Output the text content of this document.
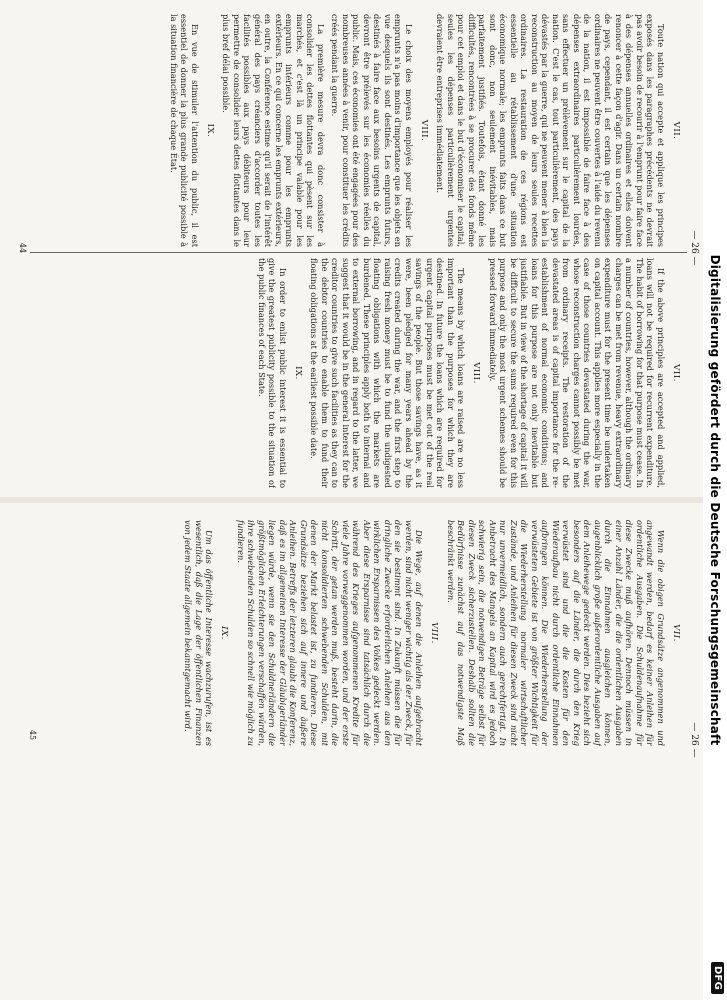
Digitalisierung gefördert durch die Deutsche Forschungsgemeinschaft
DFG
— 26 —
VII.

Toute nation qui accepte et applique les principes exposés dans les paragraphes précédents ne devrait pas avoir besoin de recourir à l'emprunt pour faire face à des dépenses annuelles ordinaires et elles doivent renoncer à cette façon d'agir. Dans un certain nombre de pays, cependant, il est certain que les dépenses ordinaires ne peuvent être couvertes à l'aide du revenu de la nation, il est impossible de faire face à des dépenses extraordinaires particulièrement lourdes, sans effectuer un prélèvement sur le capital de la nation. C'est le cas, tout particulièrement, des pays dévastés par la guerre, qui ne peuvent mener à bien la reconstruction au moyen de leurs seules recettes ordinaires. La restauration de ces régions est essentielle au rétablissement d'une situation économique normale; les emprunts faits dans ce but sont donc, non seulement inévitables, mais parfaitement justifiés. Toutefois, étant donné les difficultés, rencontrées à se procurer des fonds même pour cet emploi et dans le but d'économiser le capital, seules les dépenses particulièrement urgentes devraient être entreprises immédiatement.

VIII.

Le choix des moyens employés pour réaliser les emprunts n'a pas moins d'importance que les objets en vue desquels ils sont destinés. Les emprunts futurs, destinés à faire face aux besoins urgents de capital, devront être prélevés sur les économies réelles du public. Mais, ces économies ont été engagées pour des nombreuses années à venir, pour constituer les crédits créés pendant la guerre.

La première mesure devra donc consister à consolider les dettes flottantes qui pèsent sur les marchés, et c'est là un principe valable pour les emprunts intérieurs comme pour les emprunts extérieurs. En ce qui concerne les emprunts extérieurs, en outre, la Conférence estime qu'il serait de l'intérêt général des pays créanciers d'accorder toutes les facilités possibles aux pays débiteurs pour leur permettre de consolider leurs dettes flottantes dans le plus bref délai possible.

IX.

En vue de stimuler l'attention du public, il est essentiel de donner la plus grande publicité possible à la situation financière de chaque État.

VII.

If the above principles are accepted and applied, loans will not be required for recurrent expenditure. The habit of borrowing for that purpose must cease. In a number of countries, however, although the ordinary charges can be met from revenue, heavy extraordinary expenditure must for the present time be undertaken on capital account. This applies more especially in the case of those countries devastated during the war, whose reconstruction charges cannot possibly be met from ordinary receipts. The restoration of the devastated areas is of capital importance for the re-establishment of normal economic conditions; and loans for this purpose are not only inevitable but justifiable. But in view of the shortage of capital it will be difficult to secure the sums required even for this purpose and only the most urgent schemes should be pressed forward immediately.

VIII.

The means by which loans are raised are no less important than the purposes for which they are destined. In future the loans which are required for urgent capital purposes must be met out of the real savings of the people. But those savings have, as it were, been pledged for many years ahead by the credits created during the war, and the first step to raising fresh money must be to fund the undigested floating obligations with which the markets are burdened. These principles apply both to internal and to external borrowing, and in regard to the latter, we suggest that it would be in the general interest for the creditor countries to give such facilities as they can to the debtor countries to enable them to fund their floating obligations at the earliest possible date.

IX.

In order to enlist public interest it is essential to give the greatest publicity possible to the situation of the public finances of each State.

44
— 26 —
VII.

Wenn die obigen Grundsätze angenommen und angewandt werden, bedarf es keiner Anleihen für ordentliche Ausgaben. Die Schuldenaufnahme für diese Zwecke muß aufhören. Dennoch müssen in einer Anzahl Länder, die die ordentlichen Ausgaben durch die Einnahmen ausgleichen können, augenblicklich große außerordentliche Ausgaben auf dem Anleihewege gedeckt werden. Dies bezieht sich besonders auf die Länder, die durch den Krieg verwüstet sind und die die Kosten für den Wiederaufbau nicht durch ordentliche Einnahmen aufbringen können. Die Wiederherstellung der verwüsteten Gebiete ist von größter Wichtigkeit für die Wiederherstellung normaler wirtschaftlicher Zustände, und Anleihen für diesen Zweck sind nicht nur unvermeidlich, sondern auch gerechtfertigt. In Anbetracht des Mangels an Kapital wird es jedoch schwierig sein, die notwendigen Beträge selbst für diesen Zweck sicherzustellen. Deshalb sollten die Bedürfnisse zunächst auf das notwendigste Maß beschränkt werden.

VIII.

Die Wege, auf denen die Anleihen aufgebracht werden, sind nicht weniger wichtig als der Zweck, für den sie bestimmt sind. In Zukunft müssen die für dringliche Zwecke erforderlichen Anleihen aus den wirklichen Ersparnissen des Volkes gedeckt werden. Aber diese Ersparnisse sind tatsächlich durch die während des Krieges aufgenommenen Kredite für viele Jahre vorweggenommen worden, und der erste Schritt, der getan werden muß, besteht darin, die nicht konsolidierten schwebenden Schulden, mit denen der Markt belastet ist, zu fundieren. Diese Grundsätze beziehen sich auf innere und äußere Anleihen. Betreffs der letzteren glaubt die Konferenz, daß es im allgemeinen Interesse der Gläubigerländer liegen würde, wenn sie den Schuldnerländern die größtmöglichen Erleichterungen verschaffen würden, ihre schwebenden Schulden so schnell wie möglich zu fundieren.

IX.

Um das öffentliche Interesse wachzurufen, ist es wesentlich, daß die Lage der öffentlichen Finanzen von jedem Staate allgemein bekanntgemacht wird.

45
